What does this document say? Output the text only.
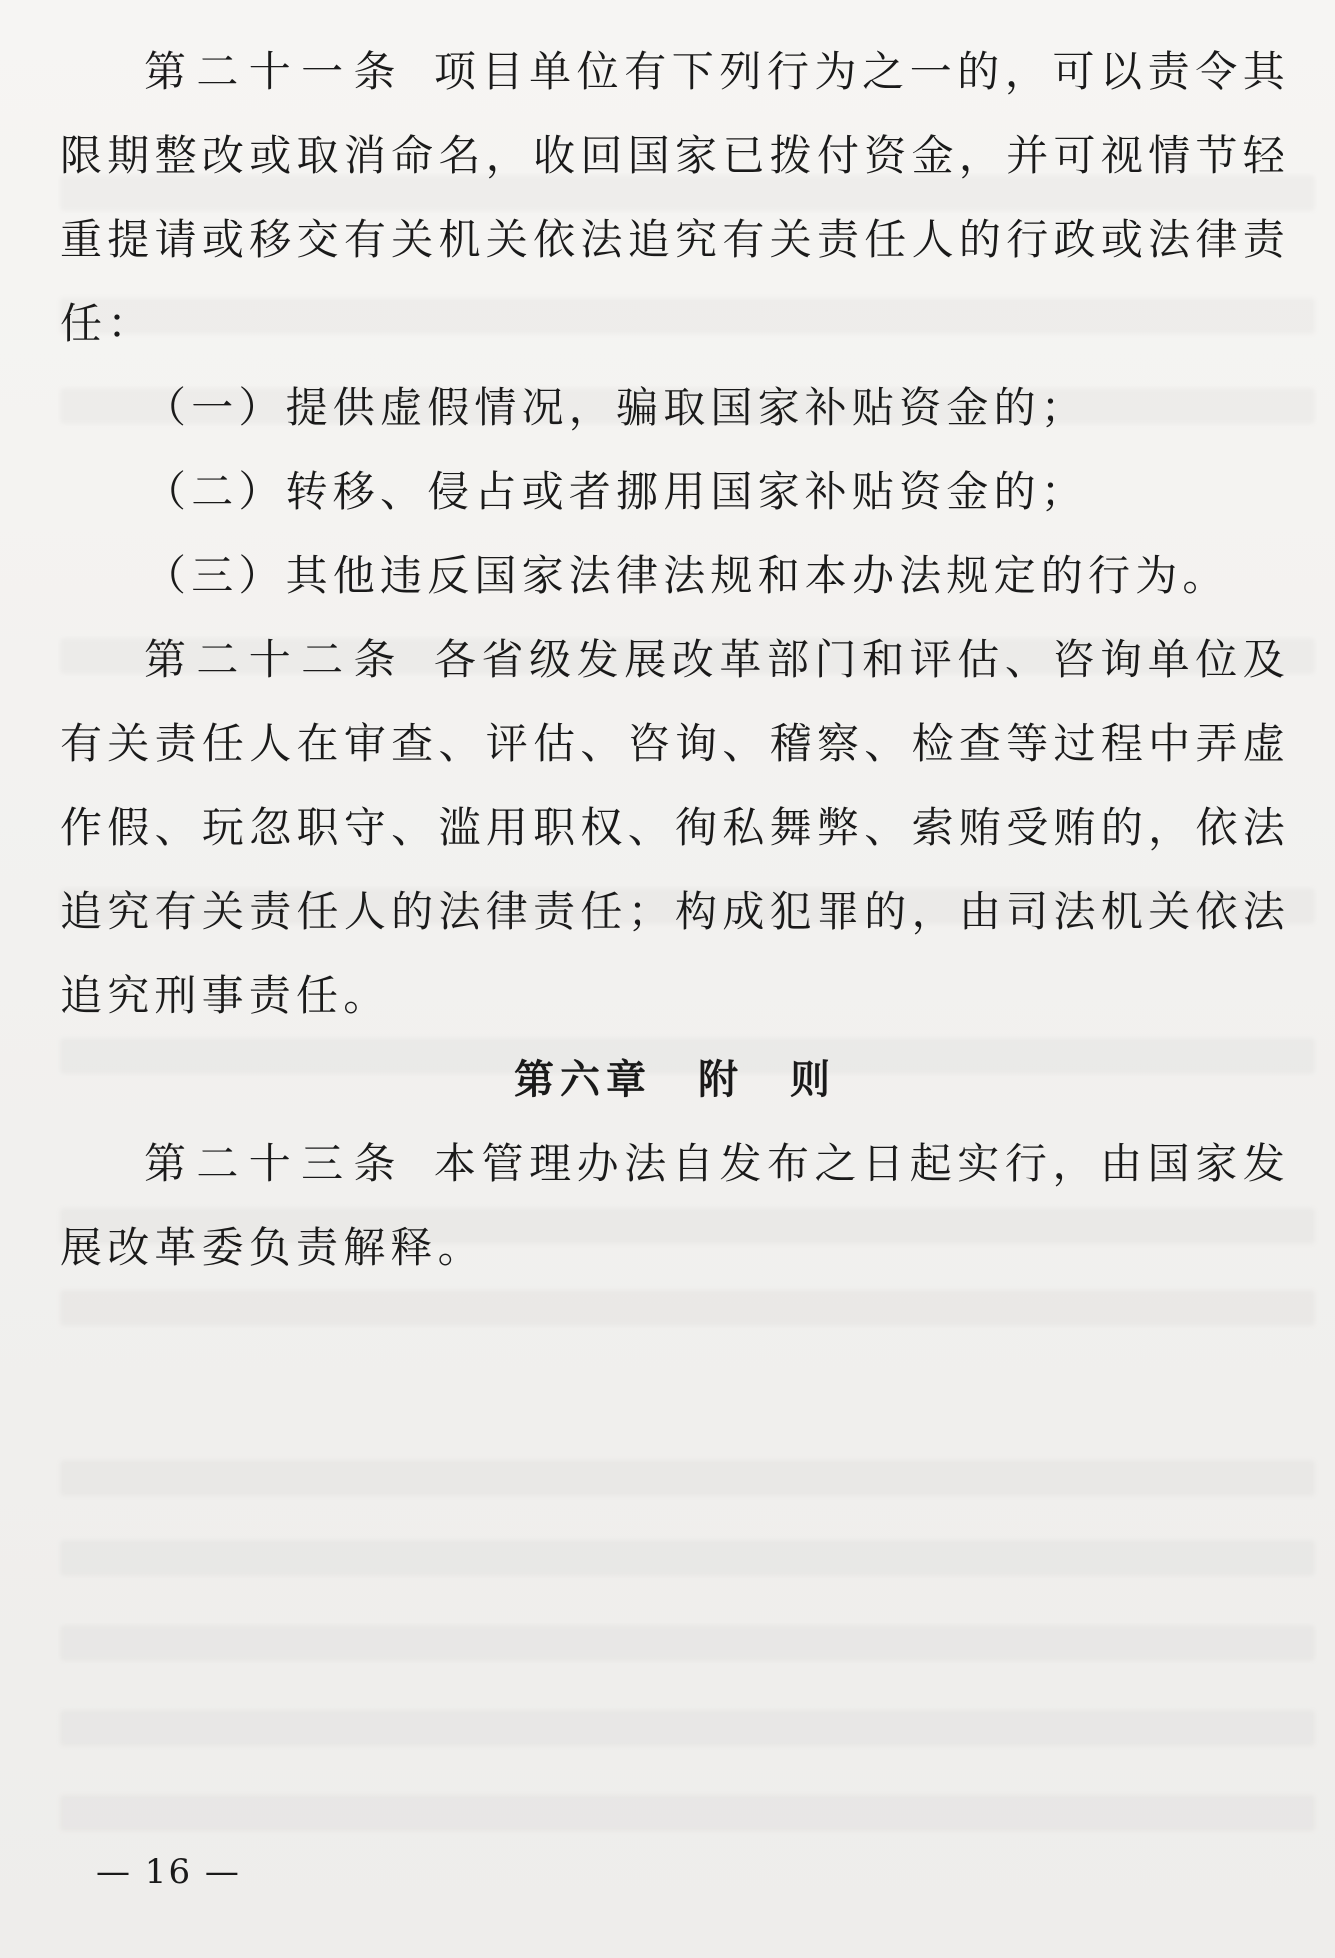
第二十一条 项目单位有下列行为之一的，可以责令其限期整改或取消命名，收回国家已拨付资金，并可视情节轻重提请或移交有关机关依法追究有关责任人的行政或法律责任：

（一）提供虚假情况，骗取国家补贴资金的；

（二）转移、侵占或者挪用国家补贴资金的；

（三）其他违反国家法律法规和本办法规定的行为。

第二十二条 各省级发展改革部门和评估、咨询单位及有关责任人在审查、评估、咨询、稽察、检查等过程中弄虚作假、玩忽职守、滥用职权、徇私舞弊、索贿受贿的，依法追究有关责任人的法律责任；构成犯罪的，由司法机关依法追究刑事责任。

第六章 附 则

第二十三条 本管理办法自发布之日起实行，由国家发展改革委负责解释。

— 16 —
